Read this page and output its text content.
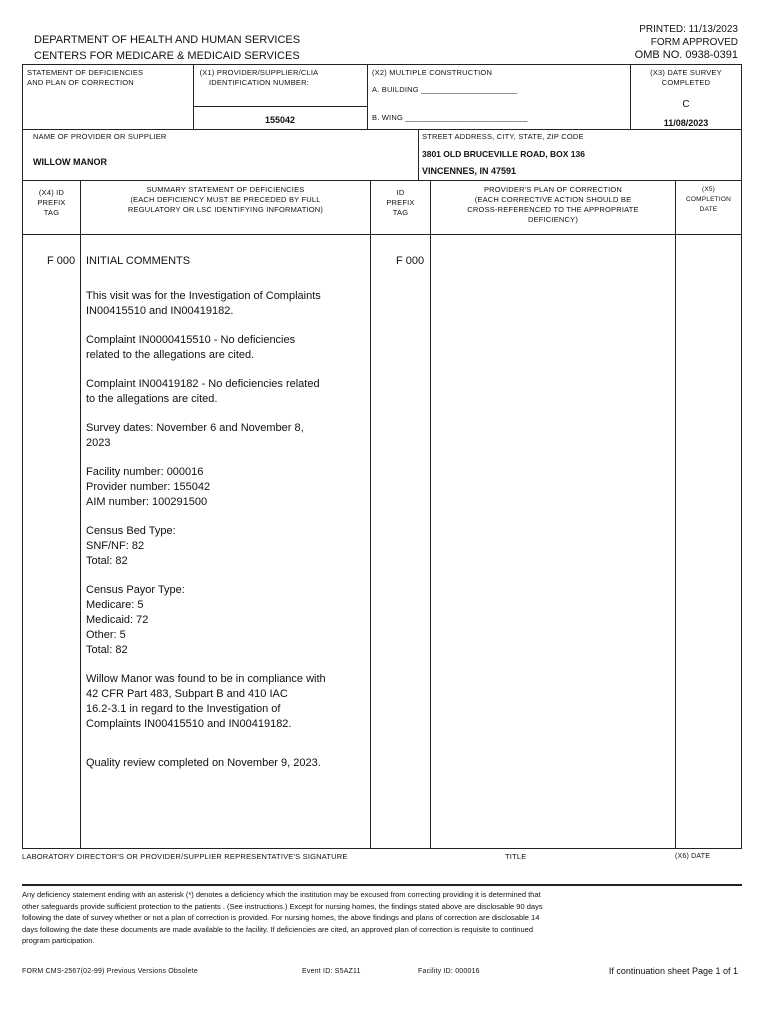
DEPARTMENT OF HEALTH AND HUMAN SERVICES
CENTERS FOR MEDICARE & MEDICAID SERVICES
PRINTED: 11/13/2023
FORM APPROVED
OMB NO. 0938-0391
STATEMENT OF DEFICIENCIES
AND PLAN OF CORRECTION
(X1) PROVIDER/SUPPLIER/CLIA
IDENTIFICATION NUMBER:
155042
(X2) MULTIPLE CONSTRUCTION
A. BUILDING ______________________
B. WING ____________________________
(X3) DATE SURVEY
COMPLETED
C
11/08/2023
NAME OF PROVIDER OR SUPPLIER
WILLOW MANOR
STREET ADDRESS, CITY, STATE, ZIP CODE
3801 OLD BRUCEVILLE ROAD, BOX 136
VINCENNES, IN 47591
(X4) ID
PREFIX
TAG
SUMMARY STATEMENT OF DEFICIENCIES
(EACH DEFICIENCY MUST BE PRECEDED BY FULL
REGULATORY OR LSC IDENTIFYING INFORMATION)
ID
PREFIX
TAG
PROVIDER'S PLAN OF CORRECTION
(EACH CORRECTIVE ACTION SHOULD BE
CROSS-REFERENCED TO THE APPROPRIATE
DEFICIENCY)
(X5)
COMPLETION
DATE
F 000 INITIAL COMMENTS	F 000

This visit was for the Investigation of Complaints
IN00415510 and IN00419182.

Complaint IN0000415510 - No deficiencies
related to the allegations are cited.

Complaint IN00419182 - No deficiencies related
to the allegations are cited.

Survey dates: November 6 and November 8,
2023

Facility number: 000016
Provider number: 155042
AIM number: 100291500

Census Bed Type:
SNF/NF: 82
Total: 82

Census Payor Type:
Medicare: 5
Medicaid: 72
Other: 5
Total: 82

Willow Manor was found to be in compliance with
42 CFR Part 483, Subpart B and 410 IAC
16.2-3.1 in regard to the Investigation of
Complaints IN00415510 and IN00419182.

Quality review completed on November 9, 2023.

LABORATORY DIRECTOR'S OR PROVIDER/SUPPLIER REPRESENTATIVE'S SIGNATURE	TITLE	(X6) DATE
Any deficiency statement ending with an asterisk (*) denotes a deficiency which the institution may be excused from correcting providing it is determined that
other safeguards provide sufficient protection to the patients . (See instructions.) Except for nursing homes, the findings stated above are disclosable 90 days
following the date of survey whether or not a plan of correction is provided. For nursing homes, the above findings and plans of correction are disclosable 14
days following the date these documents are made available to the facility. If deficiencies are cited, an approved plan of correction is requisite to continued
program participation.
FORM CMS-2567(02-99) Previous Versions Obsolete	Event ID: S5AZ11	Facility ID: 000016	If continuation sheet Page 1 of 1
